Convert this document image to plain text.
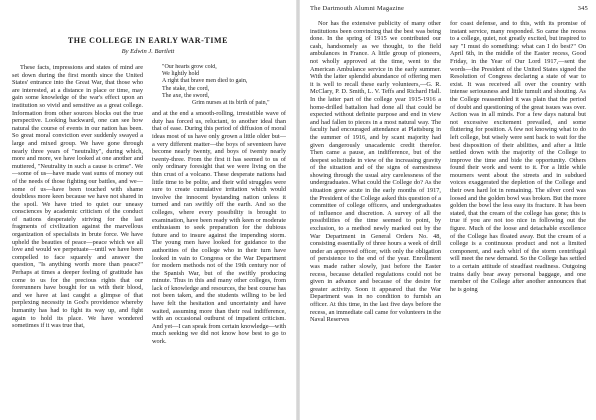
THE COLLEGE IN EARLY WAR-TIME
By Edwin J. Bartlett

These facts, impressions and states of mind are set down during the first month since the United States' entrance into the Great War, that those who are interested, at a distance in place or time, may gain some knowledge of the war's effect upon an institution so vivid and sensitive as a great college. Information from other sources blocks out the true perspective. Looking backward, one can see how natural the course of events in our nation has been. So great moral conviction ever suddenly swayed a large and mixed group. We have gone through nearly three years of "neutrality", during which, more and more, we have looked at one another and muttered, "Neutrality in such a cause is crime". We—some of us—have made vast sums of money out of the needs of those fighting our battles, and we—some of us—have been touched with shame doubtless more keen because we have not shared in the spoil. We have tried to quiet our uneasy consciences by academic criticism of the conduct of nations desperately striving for the last fragments of civilization against the marvellous organization of specialists in brute force. We have upheld the beauties of peace—peace which we all love and would we perpetuate—until we have been compelled to face squarely and answer the question, "Is anything worth more than peace?" Perhaps at times a deeper feeling of gratitude has come to us for the precious rights that our forerunners have bought for us with their blood, and we have at last caught a glimpse of that perplexing necessity in God's providence whereby humanity has had to fight its way up, and fight again to hold its place. We have wondered sometimes if it was true that,

"Our hearts grow cold,
We lightly hold
A right that brave men died to gain,
The stake, the cord,
The axe, the sword,
Grim nurses at its birth of pain,"

and at the end a smooth-rolling, irresistible wave of duty has forced us, reluctant, to another ideal than that of ease. During this period of diffusion of moral ideas most of us have only grown a little older but—a very different matter—the boys of seventeen have become nearly twenty, and boys of twenty nearly twenty-three. From the first it has seemed to us of only ordinary foresight that we were living on the thin crust of a volcano. These desperate nations had little time to be polite, and their wild struggles were sure to create cumulative irritation which would involve the innocent bystanding nation unless it turned and ran swiftly off the earth. And so the colleges, where every possibility is brought to examination, have been ready with keen or moderate enthusiasm to seek preparation for the dubious future and to insure against the impending storm. The young men have looked for guidance to the authorities of the college who in their turn have looked in vain to Congress or the War Department for modern methods not of the 19th century nor of the Spanish War, but of the swiftly producing minute. Thus in this and many other colleges, from lack of knowledge and resources, the best course has not been taken, and the students willing to be led have felt the hesitation and uncertainty and have waited, assuming more than their real indifference, with an occasional outburst of impatient criticism. And yet—I can speak from certain knowledge—with much seeking we did not know how best to go to work.

The Dartmouth Alumni Magazine	345

Nor has the extensive publicity of many other institutions been convincing that the best was being done. In the spring of 1915 we contributed our cash, handsomely as we thought, to the field ambulances in France. A little group of pioneers, not wholly approved at the time, went to the American Ambulance service in the early summer. With the latter splendid abundance of offering men it is well to recall these early volunteers,—G. R. McClary, P. D. Smith, L. V. Teffs and Richard Hall. In the latter part of the college year 1915-1916 a home-drilled battalion had done all that could be expected without definite purpose and end in view and had fallen to pieces in a most natural way. The faculty had encouraged attendance at Plattsburg in the summer of 1916, and by scant majority had given dangerously unacademic credit therefor. Then came a pause, an indifference, but of the deepest solicitude in view of the increasing gravity of the situation and of the signs of earnestness showing through the usual airy carelessness of the undergraduates. What could the College do? As the situation grew acute in the early months of 1917, the President of the College asked this question of a committee of college officers, and undergraduates of influence and discretion. A survey of all the possibilities of the time seemed to point, by exclusion, to a method newly marked out by the War Department in General Orders No. 48, consisting essentially of three hours a week of drill under an approved officer, with only the obligation of persistence to the end of the year. Enrollment was made rather slowly, just before the Easter recess, because detailed regulations could not be given in advance and because of the desire for greater activity. Soon it appeared that the War Department was in no condition to furnish an officer. At this time, in the last five days before the recess, an immediate call came for volunteers in the Naval Reserves

for coast defense, and to this, with its promise of instant service, many responded. So came the recess to a college, quiet, not greatly excited, but inspired to say "I must do something: what can I do best?" On April 6th, in the middle of the Easter recess, Good Friday, in the Year of Our Lord 1917,—sent the words—the President of the United States signed the Resolution of Congress declaring a state of war to exist. It was received all over the country with intense seriousness and little tumult and shouting. As the College reassembled it was plain that the period of doubt and questioning of the great issues was over. Action was in all minds. For a few days natural but not excessive excitement prevailed, and some fluttering for position. A few not knowing what to do left college, but wisely were sent back to wait for the best disposition of their abilities, and after a little settled down with the majority of the College to improve the time and bide the opportunity. Others found their work and went to it. For a little while mourners went about the streets and in subdued voices exaggerated the depletion of the College and their own hard lot in remaining. The silver cord was loosed and the golden bowl was broken. But the more golden the bowl the less easy its fracture. It has been stated, that the cream of the college has gone; this is true if you are not too nice in following out the figure. Much of the loose and detachable excellence of the College has floated away. But the cream of a college is a continuous product and not a limited component, and each whirl of the storm centrifugal will meet the new demand. So the College has settled to a certain attitude of steadfast readiness. Outgoing trains daily bear away personal baggage, and one member of the College after another announces that he is going
